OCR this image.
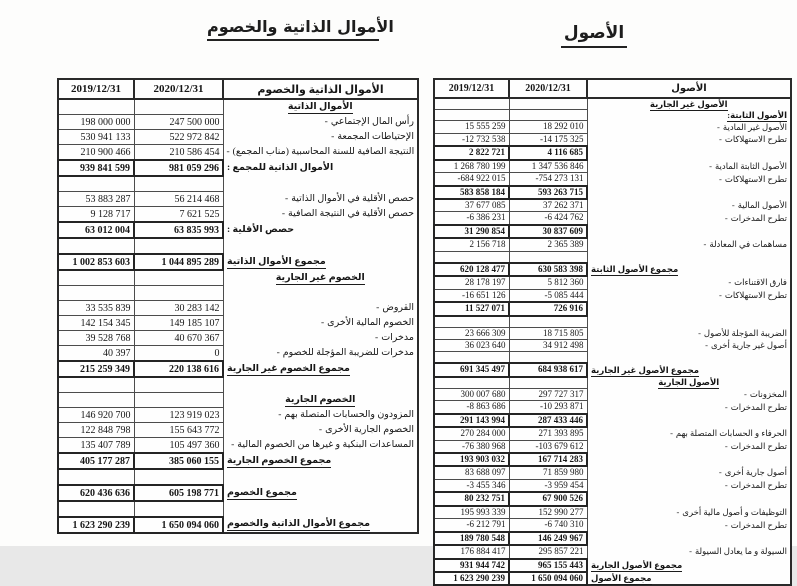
الأموال الذاتية والخصوم	الأصول
2019/12/31	2020/12/31	الأموال الذاتية والخصوم
		الأموال الذاتية
198 000 000	247 500 000	- رأس المال الإجتماعي
530 941 133	522 972 842	- الإحتياطات المجمعة
210 900 466	210 586 454	- النتيجة الصافية للسنة المحاسبية (مناب المجمع)
939 841 599	981 059 296	الأموال الذاتية للمجمع :

53 883 287	56 214 468	- حصص الأقلية في الأموال الذاتية
9 128 717	7 621 525	- حصص الأقلية في النتيجة الصافية
63 012 004	63 835 993	حصص الأقلية :

1 002 853 603	1 044 895 289	مجموع الأموال الذاتية
		الخصوم غير الجارية

33 535 839	30 283 142	- القروض
142 154 345	149 185 107	- الخصوم المالية الأخرى
39 528 768	40 670 367	- مدخرات
40 397	0	- مدخرات للضريبة المؤجلة للخصوم
215 259 349	220 138 616	مجموع الخصوم غير الجارية

		الخصوم الجارية
146 920 700	123 919 023	- المزودون والحسابات المتصلة بهم
122 848 798	155 643 772	- الخصوم الجارية الأخرى
135 407 789	105 497 360	- المساعدات البنكية و غيرها من الخصوم المالية
405 177 287	385 060 155	مجموع الخصوم الجارية

620 436 636	605 198 771	مجموع الخصوم

1 623 290 239	1 650 094 060	مجموع الأموال الذاتية والخصوم
2019/12/31	2020/12/31	الأصول
		الأصول غير الجارية
		الأصول الثابتة:
15 555 259	18 292 010	- الأصول غير المادية
-12 732 538	-14 175 325	- تطرح الاستهلاكات
2 822 721	4 116 685	
1 268 780 199	1 347 536 846	- الأصول الثابتة المادية
-684 922 015	-754 273 131	- تطرح الاستهلاكات
583 858 184	593 263 715	
37 677 085	37 262 371	- الأصول المالية
-6 386 231	-6 424 762	- تطرح المدخرات
31 290 854	30 837 609	
2 156 718	2 365 389	- مساهمات في المعادلة

620 128 477	630 583 398	مجموع الأصول الثابتة
28 178 197	5 812 360	- فارق الاقتناءات
-16 651 126	-5 085 444	- تطرح الاستهلاكات
11 527 071	726 916	

23 666 309	18 715 805	- الضريبة المؤجلة للأصول
36 023 640	34 912 498	- أصول غير جارية أخرى

691 345 497	684 938 617	مجموع الأصول غير الجارية
		الأصول الجارية
300 007 680	297 727 317	- المخزونات
-8 863 686	-10 293 871	- تطرح المدخرات
291 143 994	287 433 446	
270 284 000	271 393 895	- الحرفاء و الحسابات المتصلة بهم
-76 380 968	-103 679 612	- تطرح المدخرات
193 903 032	167 714 283	
83 688 097	71 859 980	- أصول جارية أخرى
-3 455 346	-3 959 454	- تطرح المدخرات
80 232 751	67 900 526	
195 993 339	152 990 277	- التوظيفات و أصول مالية أخرى
-6 212 791	-6 740 310	- تطرح المدخرات
189 780 548	146 249 967	
176 884 417	295 857 221	- السيولة و ما يعادل السيولة
931 944 742	965 155 443	مجموع الأصول الجارية
1 623 290 239	1 650 094 060	مجموع الأصول
